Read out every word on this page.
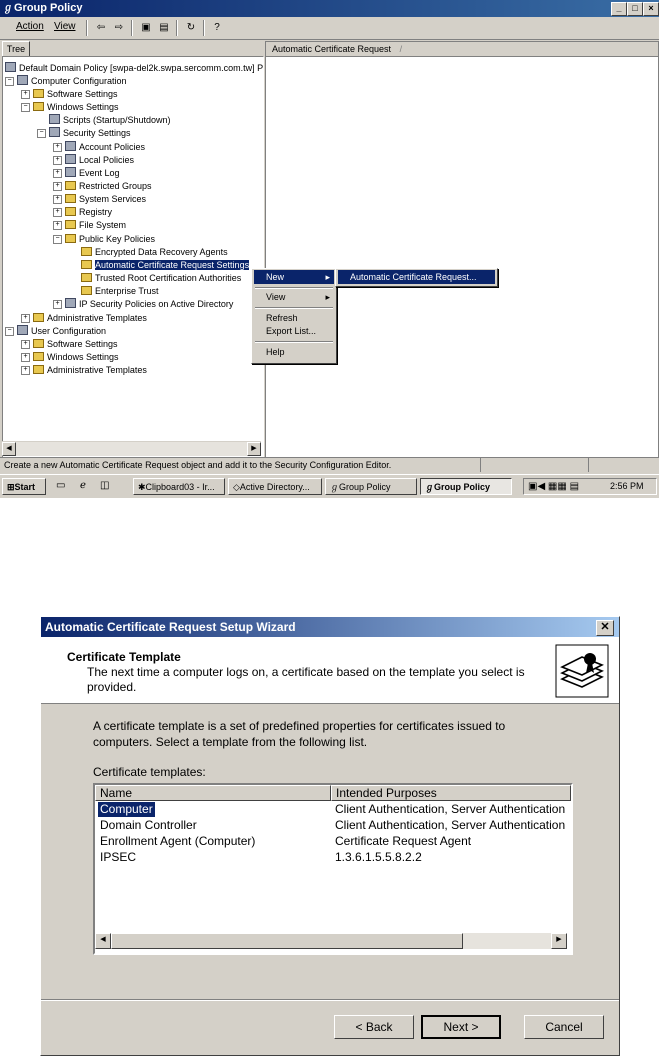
ℊ Group Policy	_	□	×
Action View	⇦ ⇨	▣ ▤	↻	?
Tree
Default Domain Policy [swpa-del2k.swpa.sercomm.com.tw] P
−	Computer Configuration
+	Software Settings
−	Windows Settings
Scripts (Startup/Shutdown)
−	Security Settings
+	Account Policies
+	Local Policies
+	Event Log
+	Restricted Groups
+	System Services
+	Registry
+	File System
−	Public Key Policies
Encrypted Data Recovery Agents
Automatic Certificate Request Settings
Trusted Root Certification Authorities
Enterprise Trust
+	IP Security Policies on Active Directory
+	Administrative Templates
−	User Configuration
+	Software Settings
+	Windows Settings
+	Administrative Templates
◀	▶
Automatic Certificate Request /
New	▸
View	▸
Refresh
Export List...
Help
Automatic Certificate Request...
Create a new Automatic Certificate Request object and add it to the Security Configuration Editor.
⊞Start	▭ ℯ ◫	✱Clipboard03 - Ir...	◇Active Directory...	ℊGroup Policy	ℊGroup Policy	▣◀ ▦▦ ▤	2:56 PM
Automatic Certificate Request Setup Wizard	✕
Certificate Template
The next time a computer logs on, a certificate based on the template you select is
provided.
A certificate template is a set of predefined properties for certificates issued to
computers. Select a template from the following list.
Certificate templates:
Name	Intended Purposes
Computer	Client Authentication, Server Authentication
Domain Controller	Client Authentication, Server Authentication
Enrollment Agent (Computer)	Certificate Request Agent
IPSEC	1.3.6.1.5.5.8.2.2
◀	▶
< Back	Next >	Cancel
